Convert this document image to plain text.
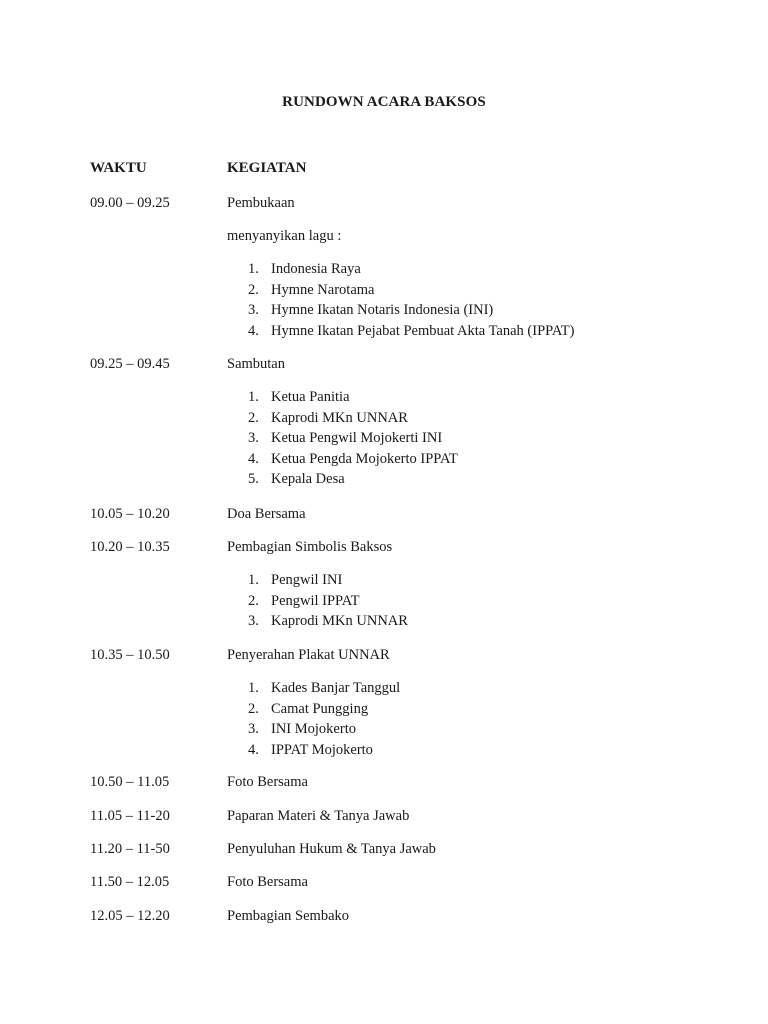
RUNDOWN ACARA BAKSOS
WAKTU	KEGIATAN
09.00 – 09.25	Pembukaan
menyanyikan lagu :
1. Indonesia Raya
2. Hymne Narotama
3. Hymne Ikatan Notaris Indonesia (INI)
4. Hymne Ikatan Pejabat Pembuat Akta Tanah (IPPAT)
09.25 – 09.45	Sambutan
1. Ketua Panitia
2. Kaprodi MKn UNNAR
3. Ketua Pengwil Mojokerti INI
4. Ketua Pengda Mojokerto IPPAT
5. Kepala Desa
10.05 – 10.20	Doa Bersama
10.20 – 10.35	Pembagian Simbolis Baksos
1. Pengwil INI
2. Pengwil IPPAT
3. Kaprodi MKn UNNAR
10.35 – 10.50	Penyerahan Plakat UNNAR
1. Kades Banjar Tanggul
2. Camat Pungging
3. INI Mojokerto
4. IPPAT Mojokerto
10.50 – 11.05	Foto Bersama
11.05 – 11-20	Paparan Materi & Tanya Jawab
11.20 – 11-50	Penyuluhan Hukum & Tanya Jawab
11.50 – 12.05	Foto Bersama
12.05 – 12.20	Pembagian Sembako
